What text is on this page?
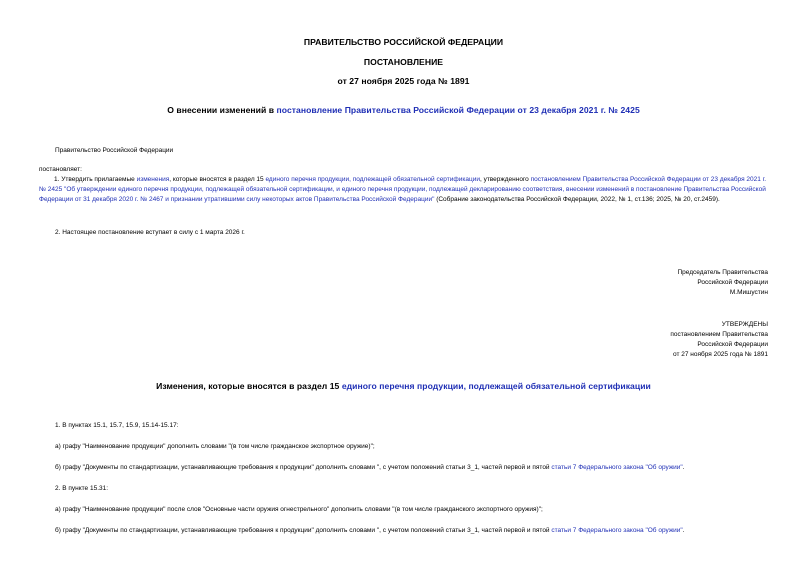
ПРАВИТЕЛЬСТВО РОССИЙСКОЙ ФЕДЕРАЦИИ
ПОСТАНОВЛЕНИЕ
от 27 ноября 2025 года № 1891
О внесении изменений в постановление Правительства Российской Федерации от 23 декабря 2021 г. № 2425
Правительство Российской Федерации
постановляет:
1. Утвердить прилагаемые изменения, которые вносятся в раздел 15 единого перечня продукции, подлежащей обязательной сертификации, утвержденного постановлением Правительства Российской Федерации от 23 декабря 2021 г. № 2425 "Об утверждении единого перечня продукции, подлежащей обязательной сертификации, и единого перечня продукции, подлежащей декларированию соответствия, внесении изменений в постановление Правительства Российской Федерации от 31 декабря 2020 г. № 2467 и признании утратившими силу некоторых актов Правительства Российской Федерации" (Собрание законодательства Российской Федерации, 2022, № 1, ст.136; 2025, № 20, ст.2459).
2. Настоящее постановление вступает в силу с 1 марта 2026 г.
Председатель Правительства
Российской Федерации
М.Мишустин
УТВЕРЖДЕНЫ
постановлением Правительства
Российской Федерации
от 27 ноября 2025 года № 1891
Изменения, которые вносятся в раздел 15 единого перечня продукции, подлежащей обязательной сертификации
1. В пунктах 15.1, 15.7, 15.9, 15.14-15.17:
а) графу "Наименование продукции" дополнить словами "(в том числе гражданское экспортное оружие)";
б) графу "Документы по стандартизации, устанавливающие требования к продукции" дополнить словами ", с учетом положений статьи 3_1, частей первой и пятой статьи 7 Федерального закона "Об оружии".
2. В пункте 15.31:
а) графу "Наименование продукции" после слов "Основные части оружия огнестрельного" дополнить словами "(в том числе гражданского экспортного оружия)";
б) графу "Документы по стандартизации, устанавливающие требования к продукции" дополнить словами ", с учетом положений статьи 3_1, частей первой и пятой статьи 7 Федерального закона "Об оружии".
